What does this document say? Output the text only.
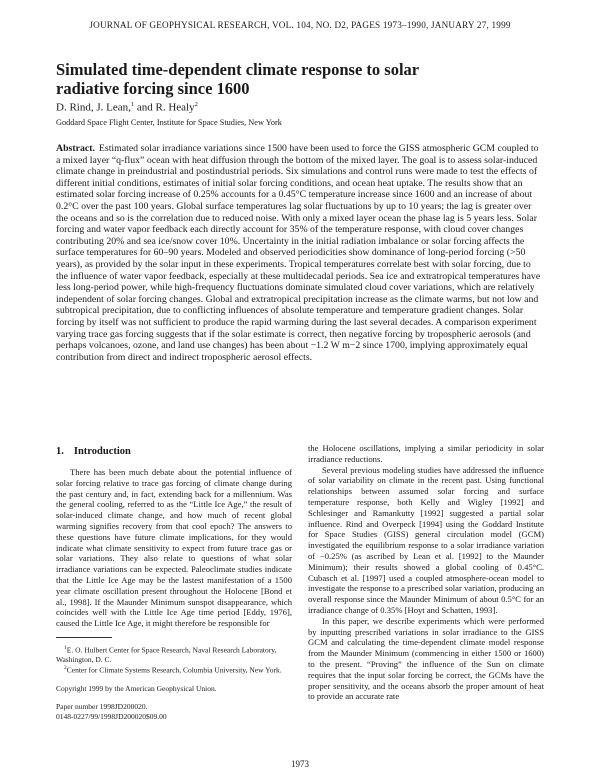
JOURNAL OF GEOPHYSICAL RESEARCH, VOL. 104, NO. D2, PAGES 1973–1990, JANUARY 27, 1999
Simulated time-dependent climate response to solar radiative forcing since 1600
D. Rind, J. Lean,$^1$ and R. Healy$^2$
Goddard Space Flight Center, Institute for Space Studies, New York

Abstract. Estimated solar irradiance variations since 1500 have been used to force the GISS atmospheric GCM coupled to a mixed layer “q-flux” ocean with heat diffusion through the bottom of the mixed layer. The goal is to assess solar-induced climate change in preindustrial and postindustrial periods. Six simulations and control runs were made to test the effects of different initial conditions, estimates of initial solar forcing conditions, and ocean heat uptake. The results show that an estimated solar forcing increase of 0.25% accounts for a 0.45°C temperature increase since 1600 and an increase of about 0.2°C over the past 100 years. Global surface temperatures lag solar fluctuations by up to 10 years; the lag is greater over the oceans and so is the correlation due to reduced noise. With only a mixed layer ocean the phase lag is 5 years less. Solar forcing and water vapor feedback each directly account for 35% of the temperature response, with cloud cover changes contributing 20% and sea ice/snow cover 10%. Uncertainty in the initial radiation imbalance or solar forcing affects the surface temperatures for 60–90 years. Modeled and observed periodicities show dominance of long-period forcing (>50 years), as provided by the solar input in these experiments. Tropical temperatures correlate best with solar forcing, due to the influence of water vapor feedback, especially at these multidecadal periods. Sea ice and extratropical temperatures have less long-period power, while high-frequency fluctuations dominate simulated cloud cover variations, which are relatively independent of solar forcing changes. Global and extratropical precipitation increase as the climate warms, but not low and subtropical precipitation, due to conflicting influences of absolute temperature and temperature gradient changes. Solar forcing by itself was not sufficient to produce the rapid warming during the last several decades. A comparison experiment varying trace gas forcing suggests that if the solar estimate is correct, then negative forcing by tropospheric aerosols (and perhaps volcanoes, ozone, and land use changes) has been about −1.2 W m−2 since 1700, implying approximately equal contribution from direct and indirect tropospheric aerosol effects.

1. Introduction

There has been much debate about the potential influence of solar forcing relative to trace gas forcing of climate change during the past century and, in fact, extending back for a millennium. Was the general cooling, referred to as the “Little Ice Age,” the result of solar-induced climate change, and how much of recent global warming signifies recovery from that cool epoch? The answers to these questions have future climate implications, for they would indicate what climate sensitivity to expect from future trace gas or solar variations. They also relate to questions of what solar irradiance variations can be expected. Paleoclimate studies indicate that the Little Ice Age may be the lastest manifestation of a 1500 year climate oscillation present throughout the Holocene [Bond et al., 1998]. If the Maunder Minimum sunspot disappearance, which coincides well with the Little Ice Age time period [Eddy, 1976], caused the Little Ice Age, it might therefore be responsible for

$^1$E. O. Hulbert Center for Space Research, Naval Research Laboratory, Washington, D. C.

$^2$Center for Climate Systems Research, Columbia University, New York.

Copyright 1999 by the American Geophysical Union.

Paper number 1998JD200020.

0148-0227/99/1998JD200020$09.00

the Holocene oscillations, implying a similar periodicity in solar irradiance reductions.

Several previous modeling studies have addressed the influence of solar variability on climate in the recent past. Using functional relationships between assumed solar forcing and surface temperature response, both Kelly and Wigley [1992] and Schlesinger and Ramankutty [1992] suggested a partial solar influence. Rind and Overpeck [1994] using the Goddard Institute for Space Studies (GISS) general circulation model (GCM) investigated the equilibrium response to a solar irradiance variation of −0.25% (as ascribed by Lean et al. [1992] to the Maunder Minimum); their results showed a global cooling of 0.45°C. Cubasch et al. [1997] used a coupled atmosphere-ocean model to investigate the response to a prescribed solar variation, producing an overall response since the Maunder Minimum of about 0.5°C for an irradiance change of 0.35% [Hoyt and Schatten, 1993].

In this paper, we describe experiments which were performed by inputting prescribed variations in solar irradiance to the GISS GCM and calculating the time-dependent climate model response from the Maunder Minimum (commencing in either 1500 or 1600) to the present. “Proving” the influence of the Sun on climate requires that the input solar forcing be correct, the GCMs have the proper sensitivity, and the oceans absorb the proper amount of heat to provide an accurate rate

1973
